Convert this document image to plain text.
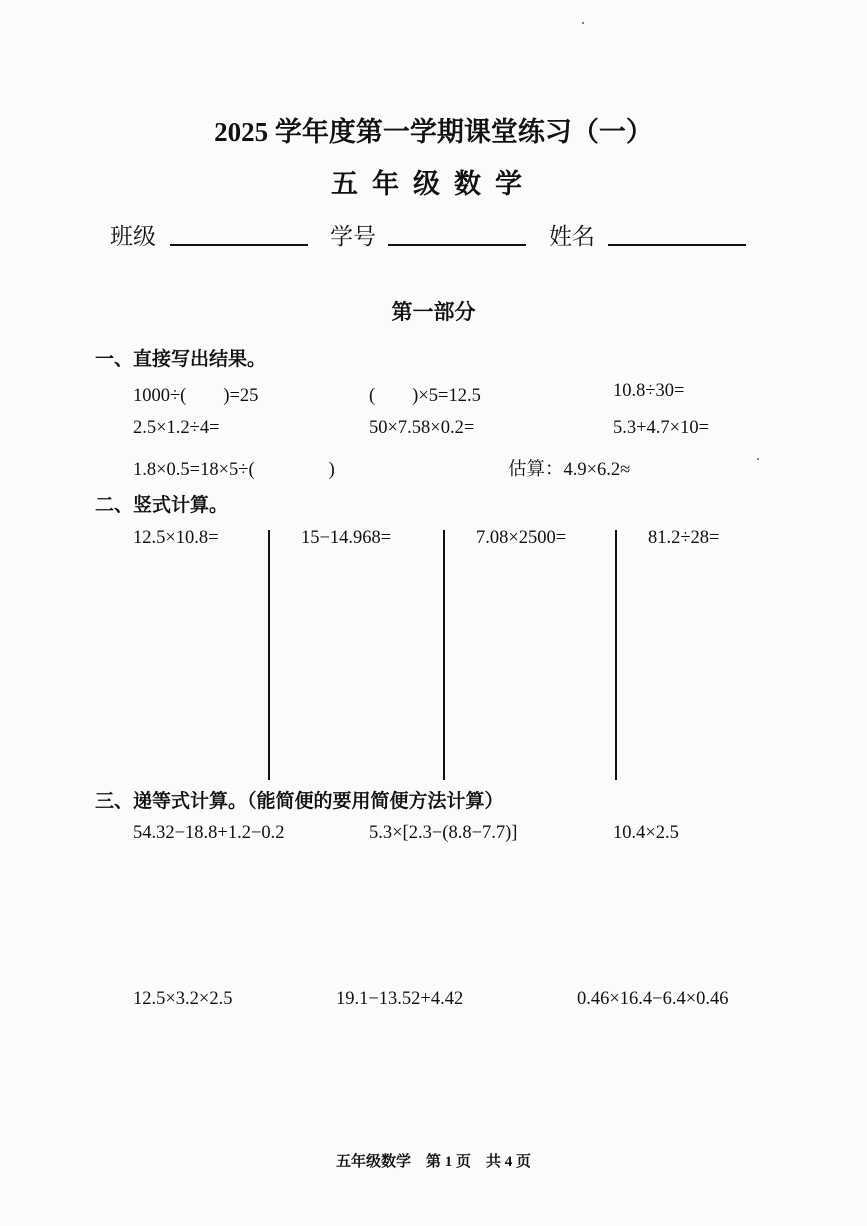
2025 学年度第一学期课堂练习（一）
五年级数学
班级	学号	姓名
第一部分
一、直接写出结果。
1000÷(　　)=25	(　　)×5=12.5	10.8÷30=
2.5×1.2÷4=	50×7.58×0.2=	5.3+4.7×10=
1.8×0.5=18×5÷(　　　　)	估算：4.9×6.2≈
二、竖式计算。
12.5×10.8=	15−14.968=	7.08×2500=	81.2÷28=
三、递等式计算。（能简便的要用简便方法计算）
54.32−18.8+1.2−0.2	5.3×[2.3−(8.8−7.7)]	10.4×2.5
12.5×3.2×2.5	19.1−13.52+4.42	0.46×16.4−6.4×0.46
五年级数学　第 1 页　共 4 页
